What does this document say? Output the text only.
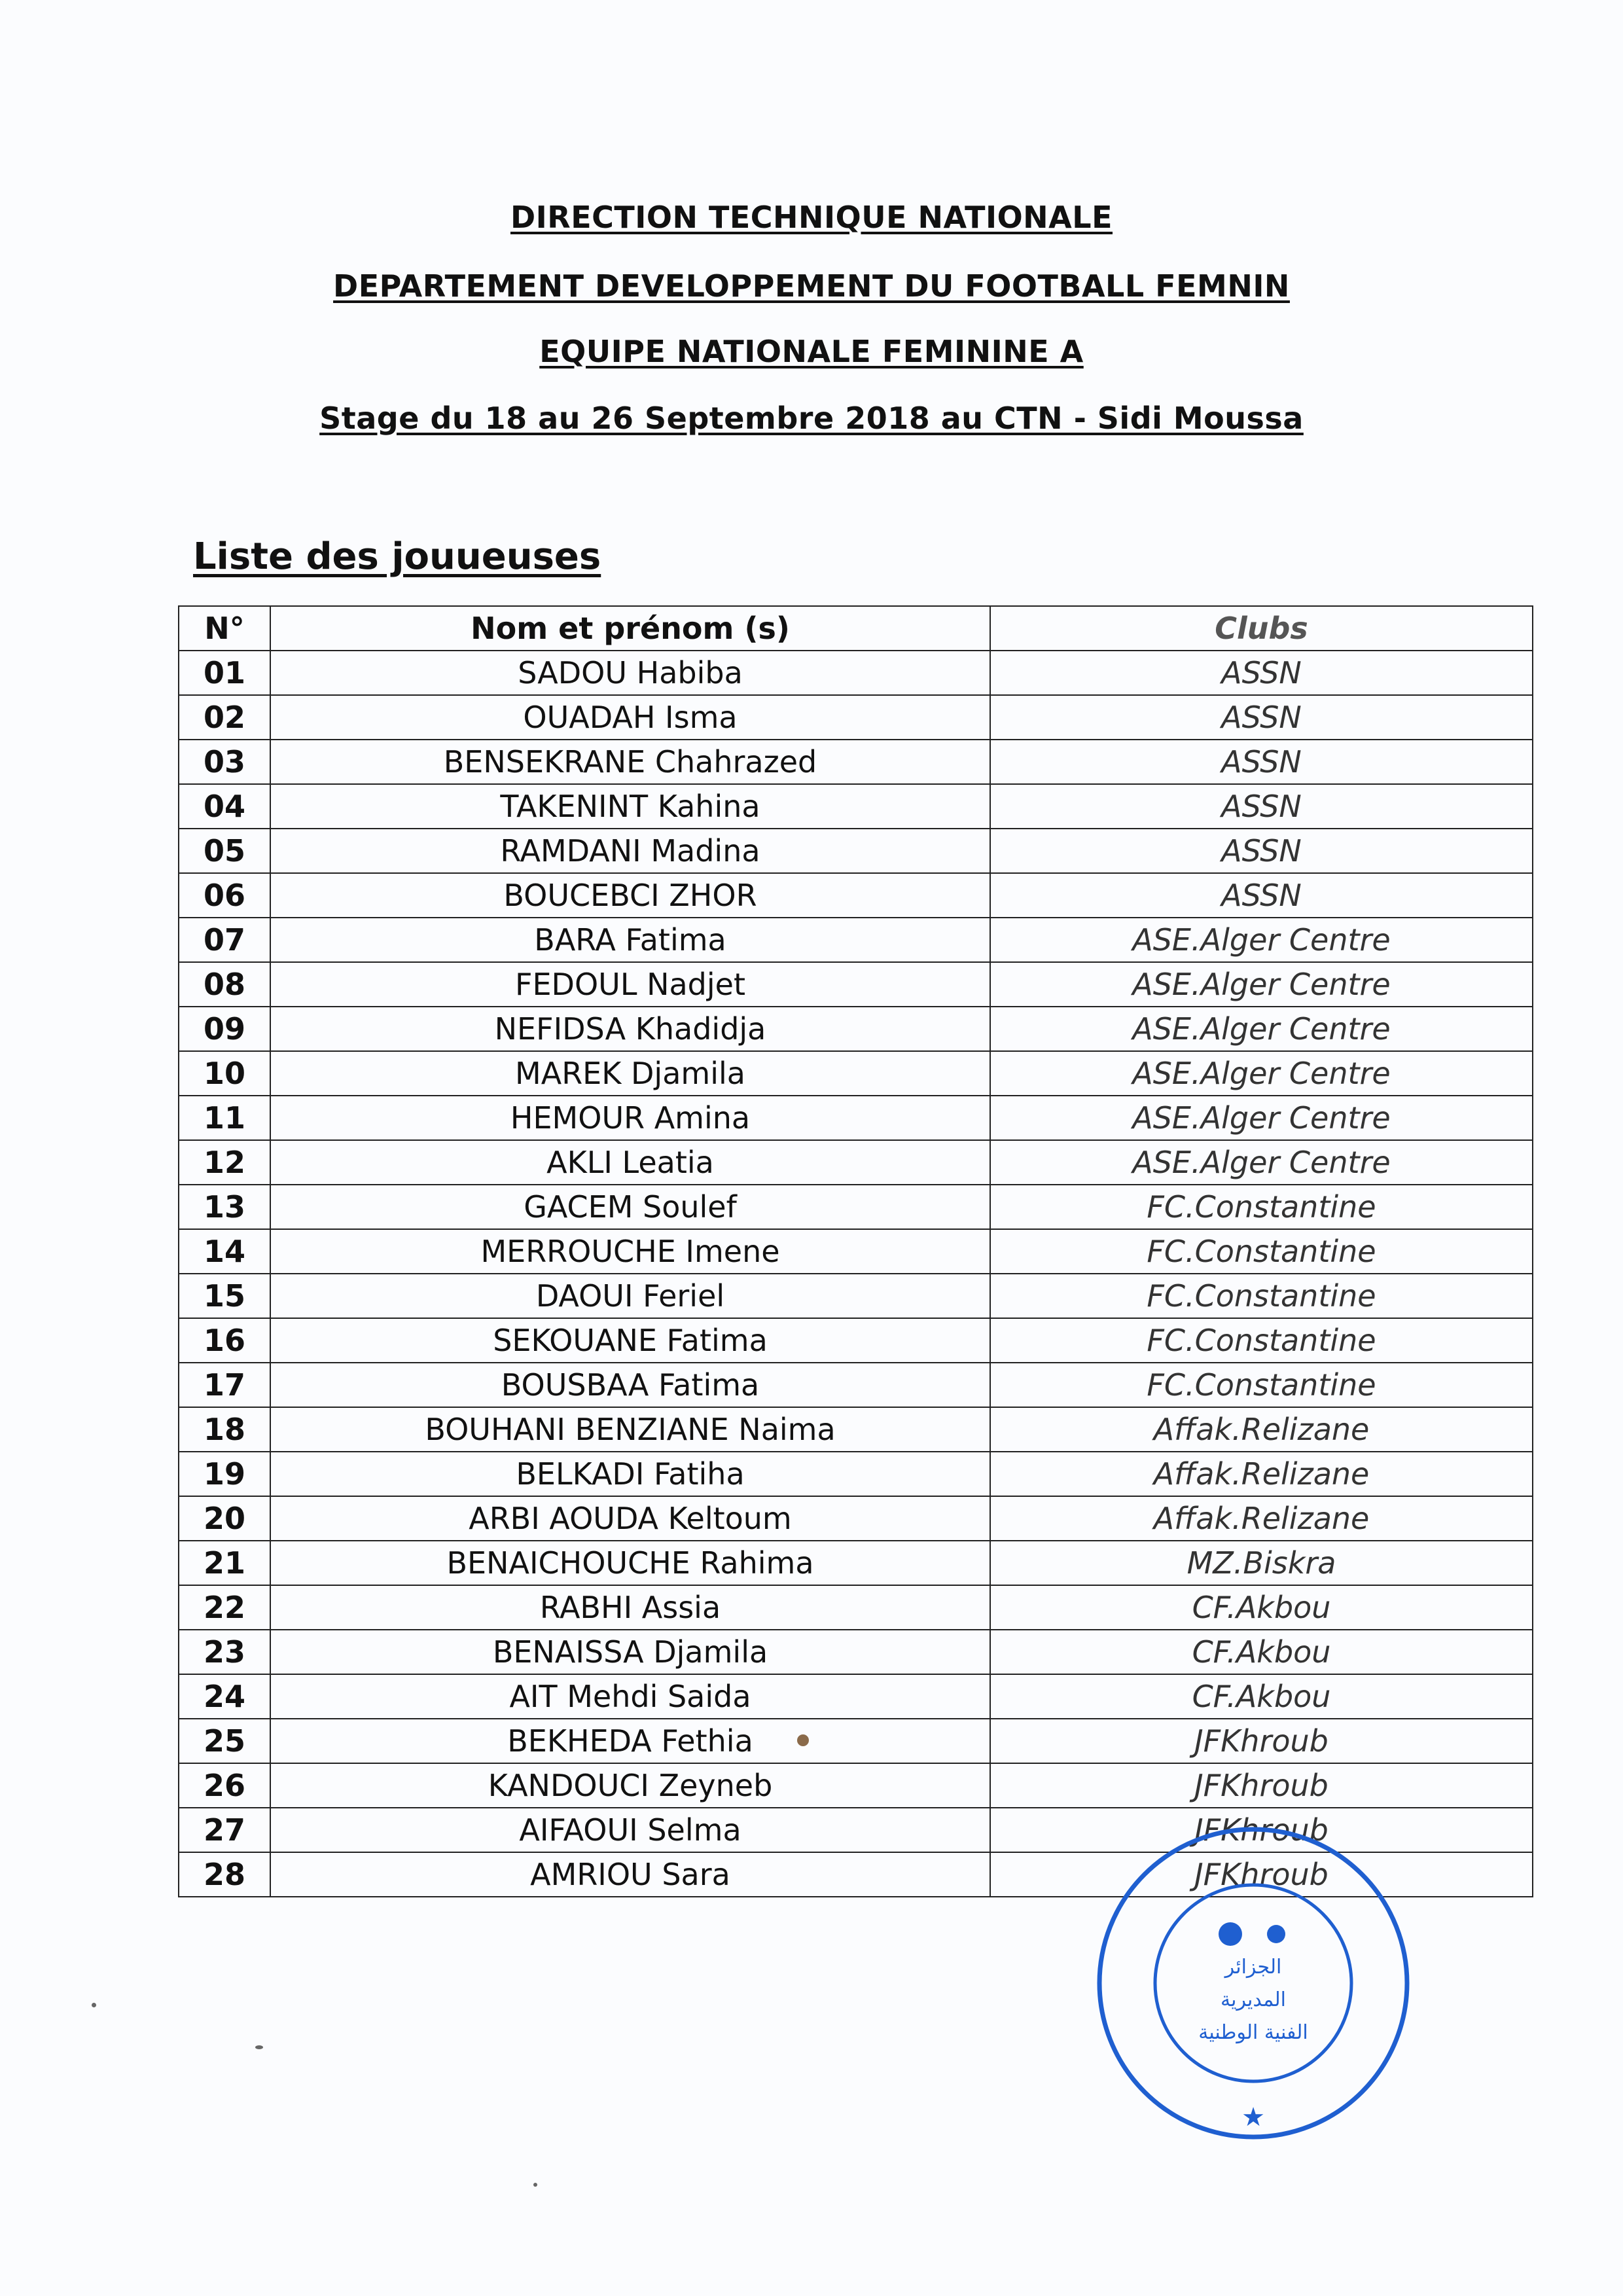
DIRECTION TECHNIQUE NATIONALE
DEPARTEMENT DEVELOPPEMENT DU FOOTBALL FEMNIN
EQUIPE NATIONALE FEMININE A
Stage du 18 au 26 Septembre 2018 au CTN - Sidi Moussa
Liste des jouueuses
N°	Nom et prénom (s)	Clubs
01	SADOU Habiba	ASSN
02	OUADAH Isma	ASSN
03	BENSEKRANE Chahrazed	ASSN
04	TAKENINT Kahina	ASSN
05	RAMDANI Madina	ASSN
06	BOUCEBCI ZHOR	ASSN
07	BARA Fatima	ASE.Alger Centre
08	FEDOUL Nadjet	ASE.Alger Centre
09	NEFIDSA Khadidja	ASE.Alger Centre
10	MAREK Djamila	ASE.Alger Centre
11	HEMOUR Amina	ASE.Alger Centre
12	AKLI Leatia	ASE.Alger Centre
13	GACEM Soulef	FC.Constantine
14	MERROUCHE Imene	FC.Constantine
15	DAOUI Feriel	FC.Constantine
16	SEKOUANE Fatima	FC.Constantine
17	BOUSBAA Fatima	FC.Constantine
18	BOUHANI BENZIANE Naima	Affak.Relizane
19	BELKADI Fatiha	Affak.Relizane
20	ARBI AOUDA Keltoum	Affak.Relizane
21	BENAICHOUCHE Rahima	MZ.Biskra
22	RABHI Assia	CF.Akbou
23	BENAISSA Djamila	CF.Akbou
24	AIT Mehdi Saida	CF.Akbou
25	BEKHEDA Fethia	JFKhroub
26	KANDOUCI Zeyneb	JFKhroub
27	AIFAOUI Selma	JFKhroub
28	AMRIOU Sara	JFKhroub
الجزائر
المديرية
الفنية الوطنية
★
